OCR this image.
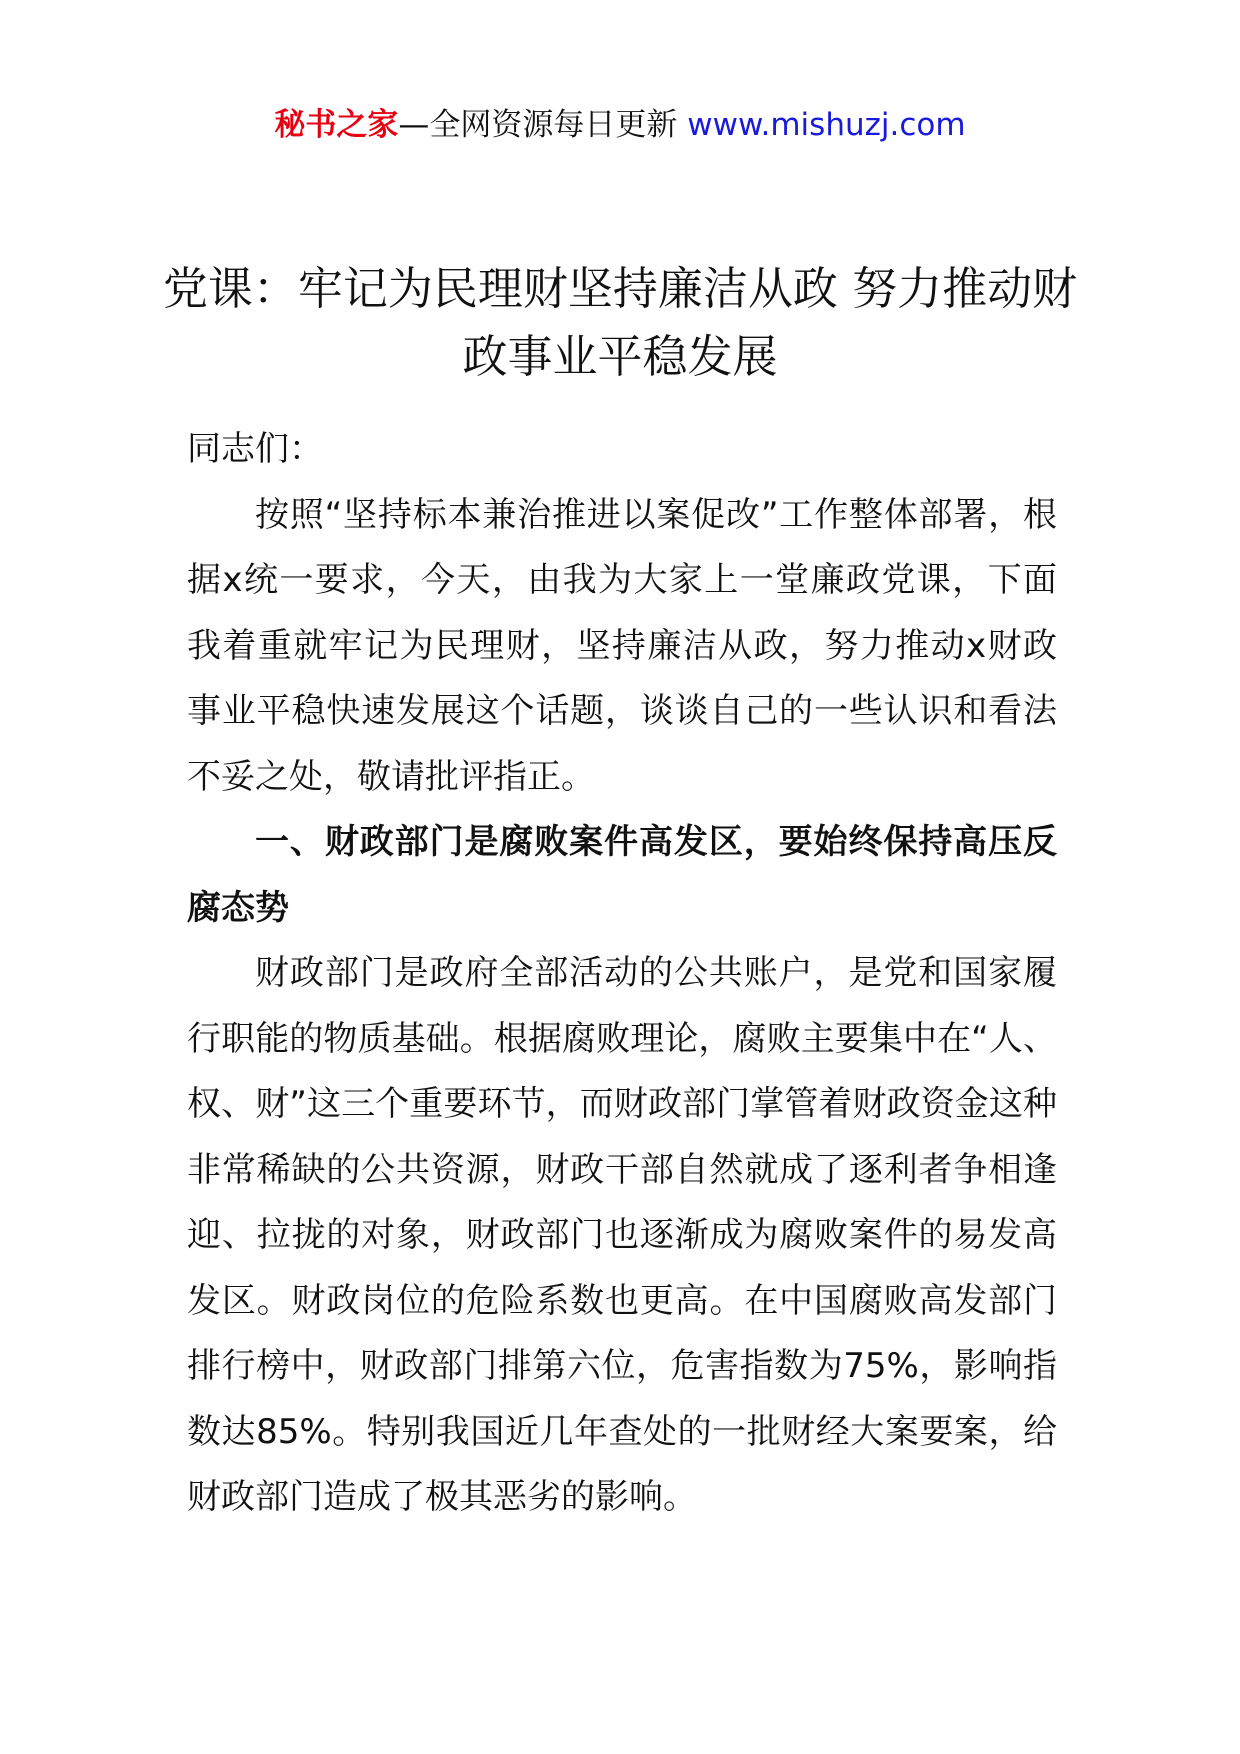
秘书之家—全网资源每日更新 www.mishuzj.com
党课：牢记为民理财坚持廉洁从政 努力推动财政事业平稳发展

同志们：

按照“坚持标本兼治推进以案促改”工作整体部署，根据x统一要求，今天，由我为大家上一堂廉政党课，下面我着重就牢记为民理财，坚持廉洁从政，努力推动x财政事业平稳快速发展这个话题，谈谈自己的一些认识和看法不妥之处，敬请批评指正。

一、财政部门是腐败案件高发区，要始终保持高压反腐态势

财政部门是政府全部活动的公共账户，是党和国家履行职能的物质基础。根据腐败理论，腐败主要集中在“人、权、财”这三个重要环节，而财政部门掌管着财政资金这种非常稀缺的公共资源，财政干部自然就成了逐利者争相逢迎、拉拢的对象，财政部门也逐渐成为腐败案件的易发高发区。财政岗位的危险系数也更高。在中国腐败高发部门排行榜中，财政部门排第六位，危害指数为75%，影响指数达85%。特别我国近几年查处的一批财经大案要案，给财政部门造成了极其恶劣的影响。
